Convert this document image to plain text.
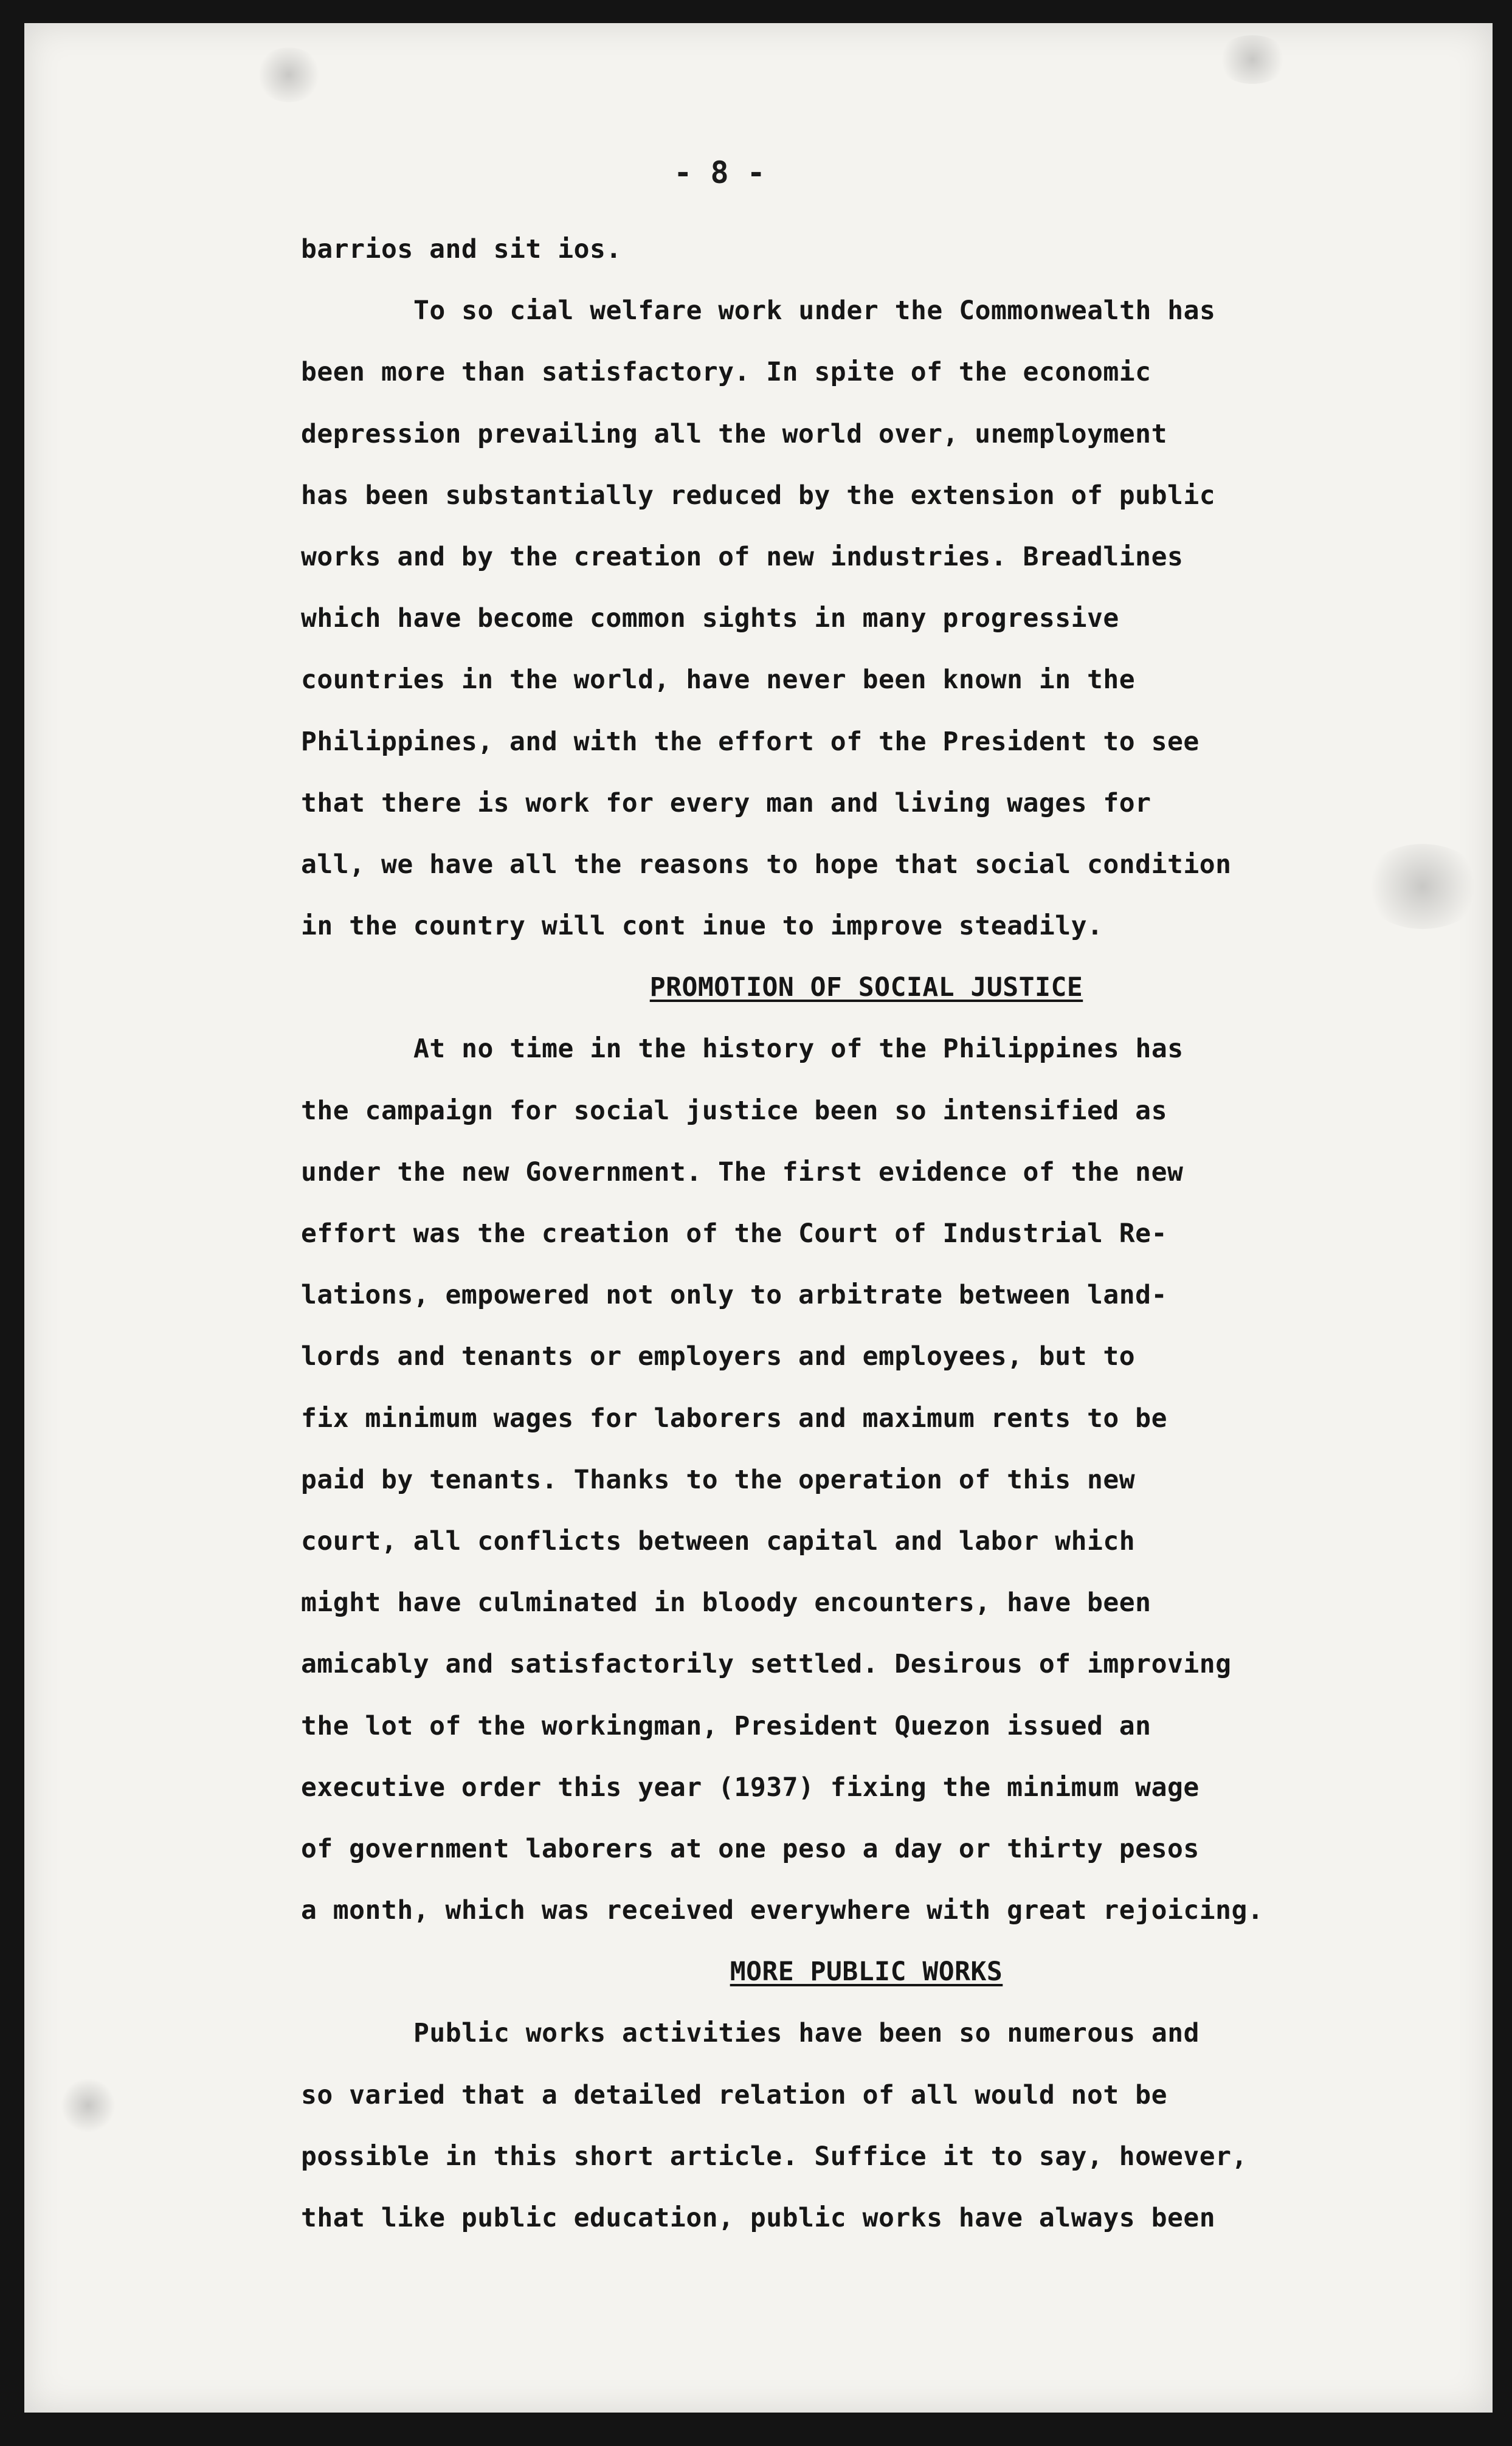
- 8 -
barrios and sit ios.
To so cial welfare work under the Commonwealth has
been more than satisfactory. In spite of the economic
depression prevailing all the world over, unemployment
has been substantially reduced by the extension of public
works and by the creation of new industries. Breadlines
which have become common sights in many progressive
countries in the world, have never been known in the
Philippines, and with the effort of the President to see
that there is work for every man and living wages for
all, we have all the reasons to hope that social condition
in the country will cont inue to improve steadily.
PROMOTION OF SOCIAL JUSTICE
At no time in the history of the Philippines has
the campaign for social justice been so intensified as
under the new Government. The first evidence of the new
effort was the creation of the Court of Industrial Re-
lations, empowered not only to arbitrate between land-
lords and tenants or employers and employees, but to
fix minimum wages for laborers and maximum rents to be
paid by tenants. Thanks to the operation of this new
court, all conflicts between capital and labor which
might have culminated in bloody encounters, have been
amicably and satisfactorily settled. Desirous of improving
the lot of the workingman, President Quezon issued an
executive order this year (1937) fixing the minimum wage
of government laborers at one peso a day or thirty pesos
a month, which was received everywhere with great rejoicing.
MORE PUBLIC WORKS
Public works activities have been so numerous and
so varied that a detailed relation of all would not be
possible in this short article. Suffice it to say, however,
that like public education, public works have always been
